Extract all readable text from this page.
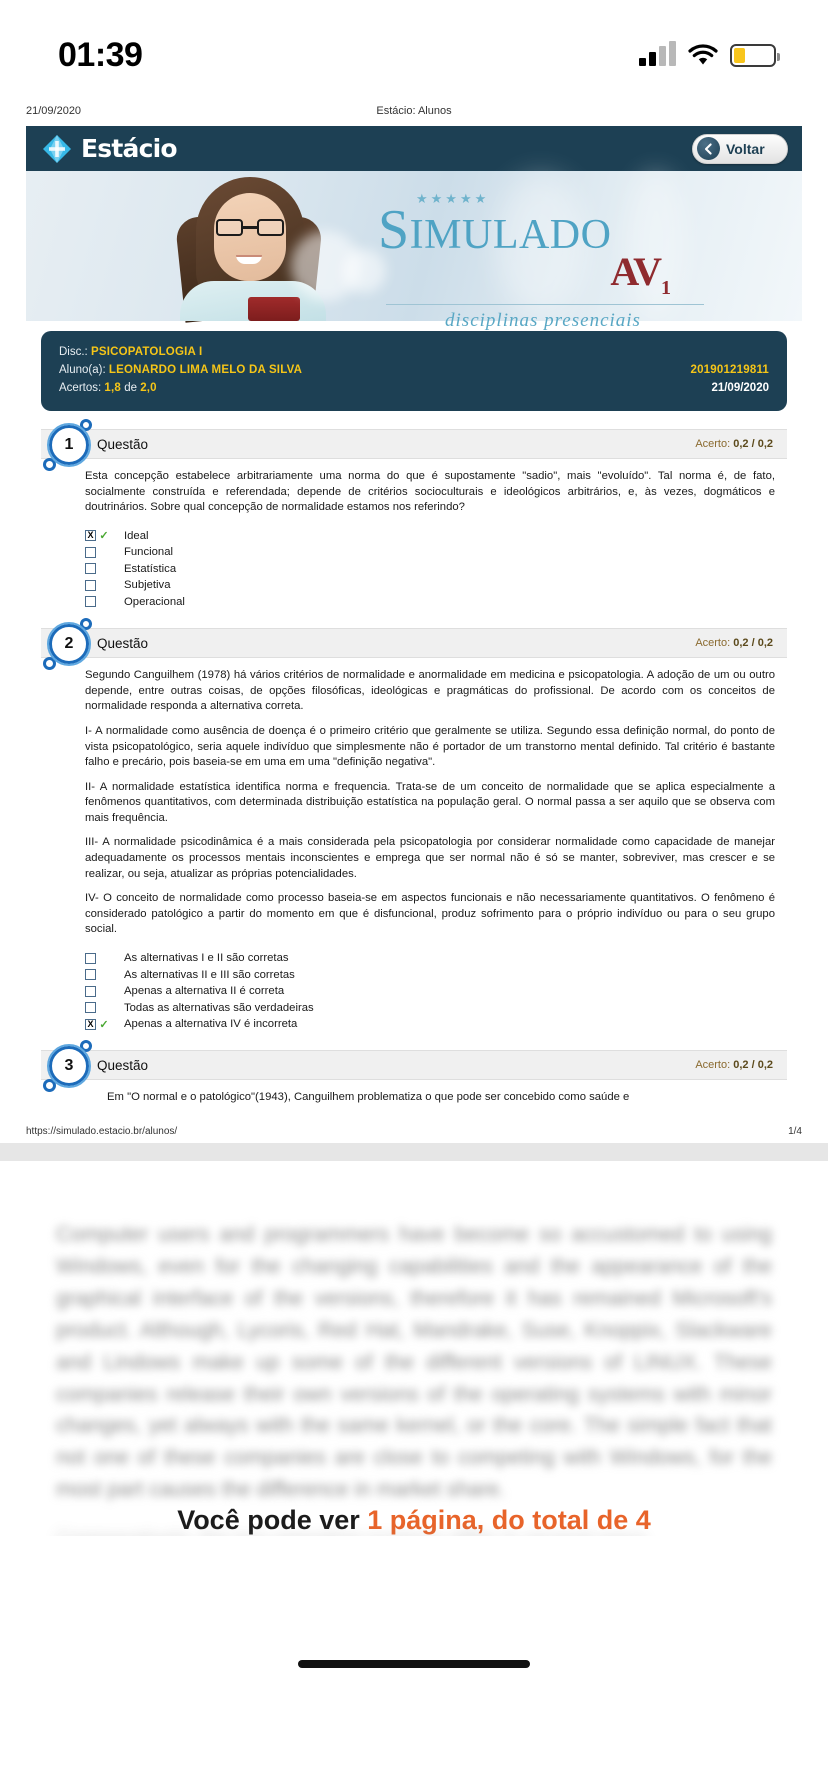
01:39
21/09/2020	Estácio: Alunos
Estácio	Voltar
★★★★★
SIMULADO
$AV_1$
disciplinas presenciais
Disc.: PSICOPATOLOGIA I
Aluno(a): LEONARDO LIMA MELO DA SILVA	201901219811
Acertos: 1,8 de 2,0	21/09/2020
1	Questão	Acerto: 0,2 / 0,2

Esta concepção estabelece arbitrariamente uma norma do que é supostamente "sadio", mais "evoluído". Tal norma é, de fato, socialmente construída e referendada; depende de critérios socioculturais e ideológicos arbitrários, e, às vezes, dogmáticos e doutrinários. Sobre qual concepção de normalidade estamos nos referindo?

X ✓	Ideal

Funcional

Estatística

Subjetiva

Operacional
2	Questão	Acerto: 0,2 / 0,2

Segundo Canguilhem (1978) há vários critérios de normalidade e anormalidade em medicina e psicopatologia. A adoção de um ou outro depende, entre outras coisas, de opções filosóficas, ideológicas e pragmáticas do profissional. De acordo com os conceitos de normalidade responda a alternativa correta.

I- A normalidade como ausência de doença é o primeiro critério que geralmente se utiliza. Segundo essa definição normal, do ponto de vista psicopatológico, seria aquele indivíduo que simplesmente não é portador de um transtorno mental definido. Tal critério é bastante falho e precário, pois baseia-se em uma em uma "definição negativa".

II- A normalidade estatística identifica norma e frequencia. Trata-se de um conceito de normalidade que se aplica especialmente a fenômenos quantitativos, com determinada distribuição estatística na população geral. O normal passa a ser aquilo que se observa com mais frequência.

III- A normalidade psicodinâmica é a mais considerada pela psicopatologia por considerar normalidade como capacidade de manejar adequadamente os processos mentais inconscientes e emprega que ser normal não é só se manter, sobreviver, mas crescer e se realizar, ou seja, atualizar as próprias potencialidades.

IV- O conceito de normalidade como processo baseia-se em aspectos funcionais e não necessariamente quantitativos. O fenômeno é considerado patológico a partir do momento em que é disfuncional, produz sofrimento para o próprio indivíduo ou para o seu grupo social.

As alternativas I e II são corretas

As alternativas II e III são corretas

Apenas a alternativa II é correta

Todas as alternativas são verdadeiras
X ✓	Apenas a alternativa IV é incorreta
3	Questão	Acerto: 0,2 / 0,2

Em "O normal e o patológico"(1943), Canguilhem problematiza o que pode ser concebido como saúde e

https://simulado.estacio.br/alunos/	1/4

Computer users and programmers have become so accustomed to using Windows, even for the changing capabilities and the appearance of the graphical interface of the versions, therefore it has remained Microsoft's product. Although, Lycoris, Red Hat, Mandrake, Suse, Knoppix, Slackware and Lindows make up some of the different versions of LINUX. These companies release their own versions of the operating systems with minor changes, yet always with the same kernel, or the core. The simple fact that not one of these companies are close to competing with Windows, for the most part causes the difference in market share.

Você pode ver 1 página, do total de 4
